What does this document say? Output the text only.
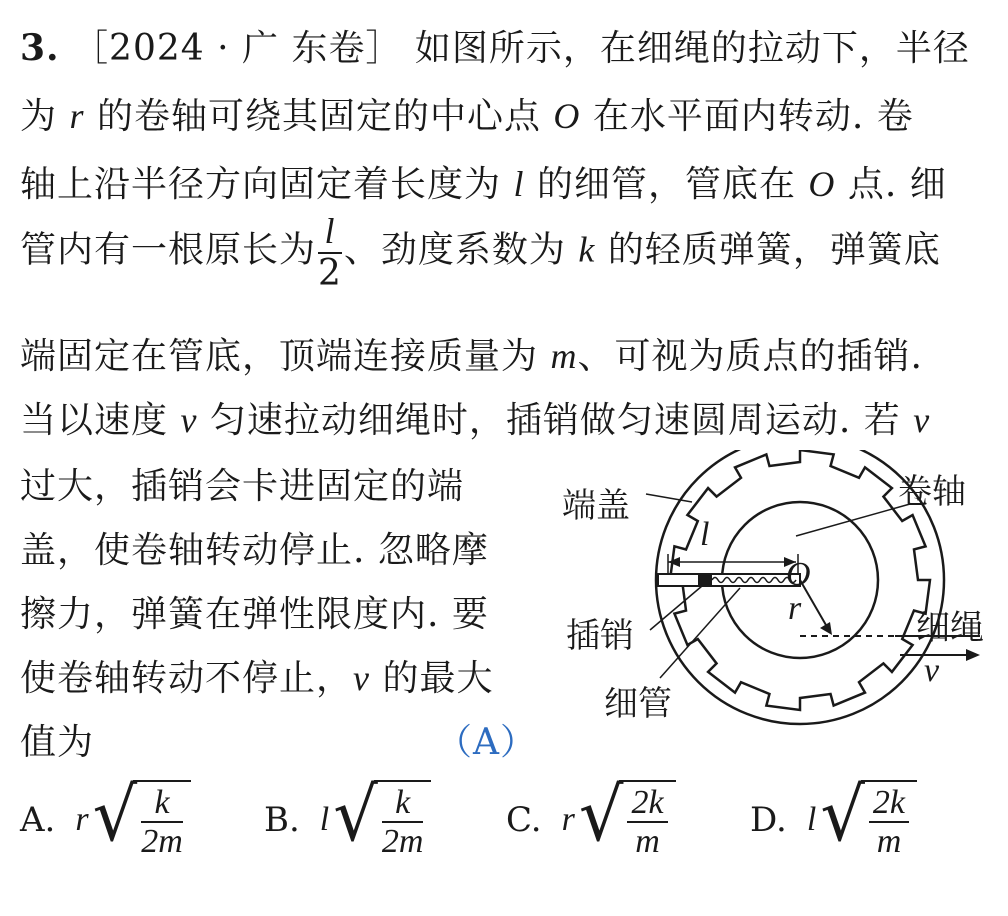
3. ［2024 · 广 东卷］ 如图所示，在细绳的拉动下，半径
为 r 的卷轴可绕其固定的中心点 O 在水平面内转动. 卷
轴上沿半径方向固定着长度为 l 的细管，管底在 O 点. 细
管内有一根原长为 $\frac{l}{2}$ 、劲度系数为 k 的轻质弹簧，弹簧底
端固定在管底，顶端连接质量为 m、可视为质点的插销.
当以速度 v 匀速拉动细绳时，插销做匀速圆周运动. 若 v
过大，插销会卡进固定的端
盖，使卷轴转动停止. 忽略摩
擦力，弹簧在弹性限度内. 要
使卷轴转动不停止，v 的最大
值为	（A）
端盖	卷轴
l
O
r
插销	细绳
细管
v
A. r √ $\frac{k}{2m} B$. l √ $\frac{k}{2m} C$. r √ $\frac{2k}{m} D$. l √ $\frac{2k}{m}$
